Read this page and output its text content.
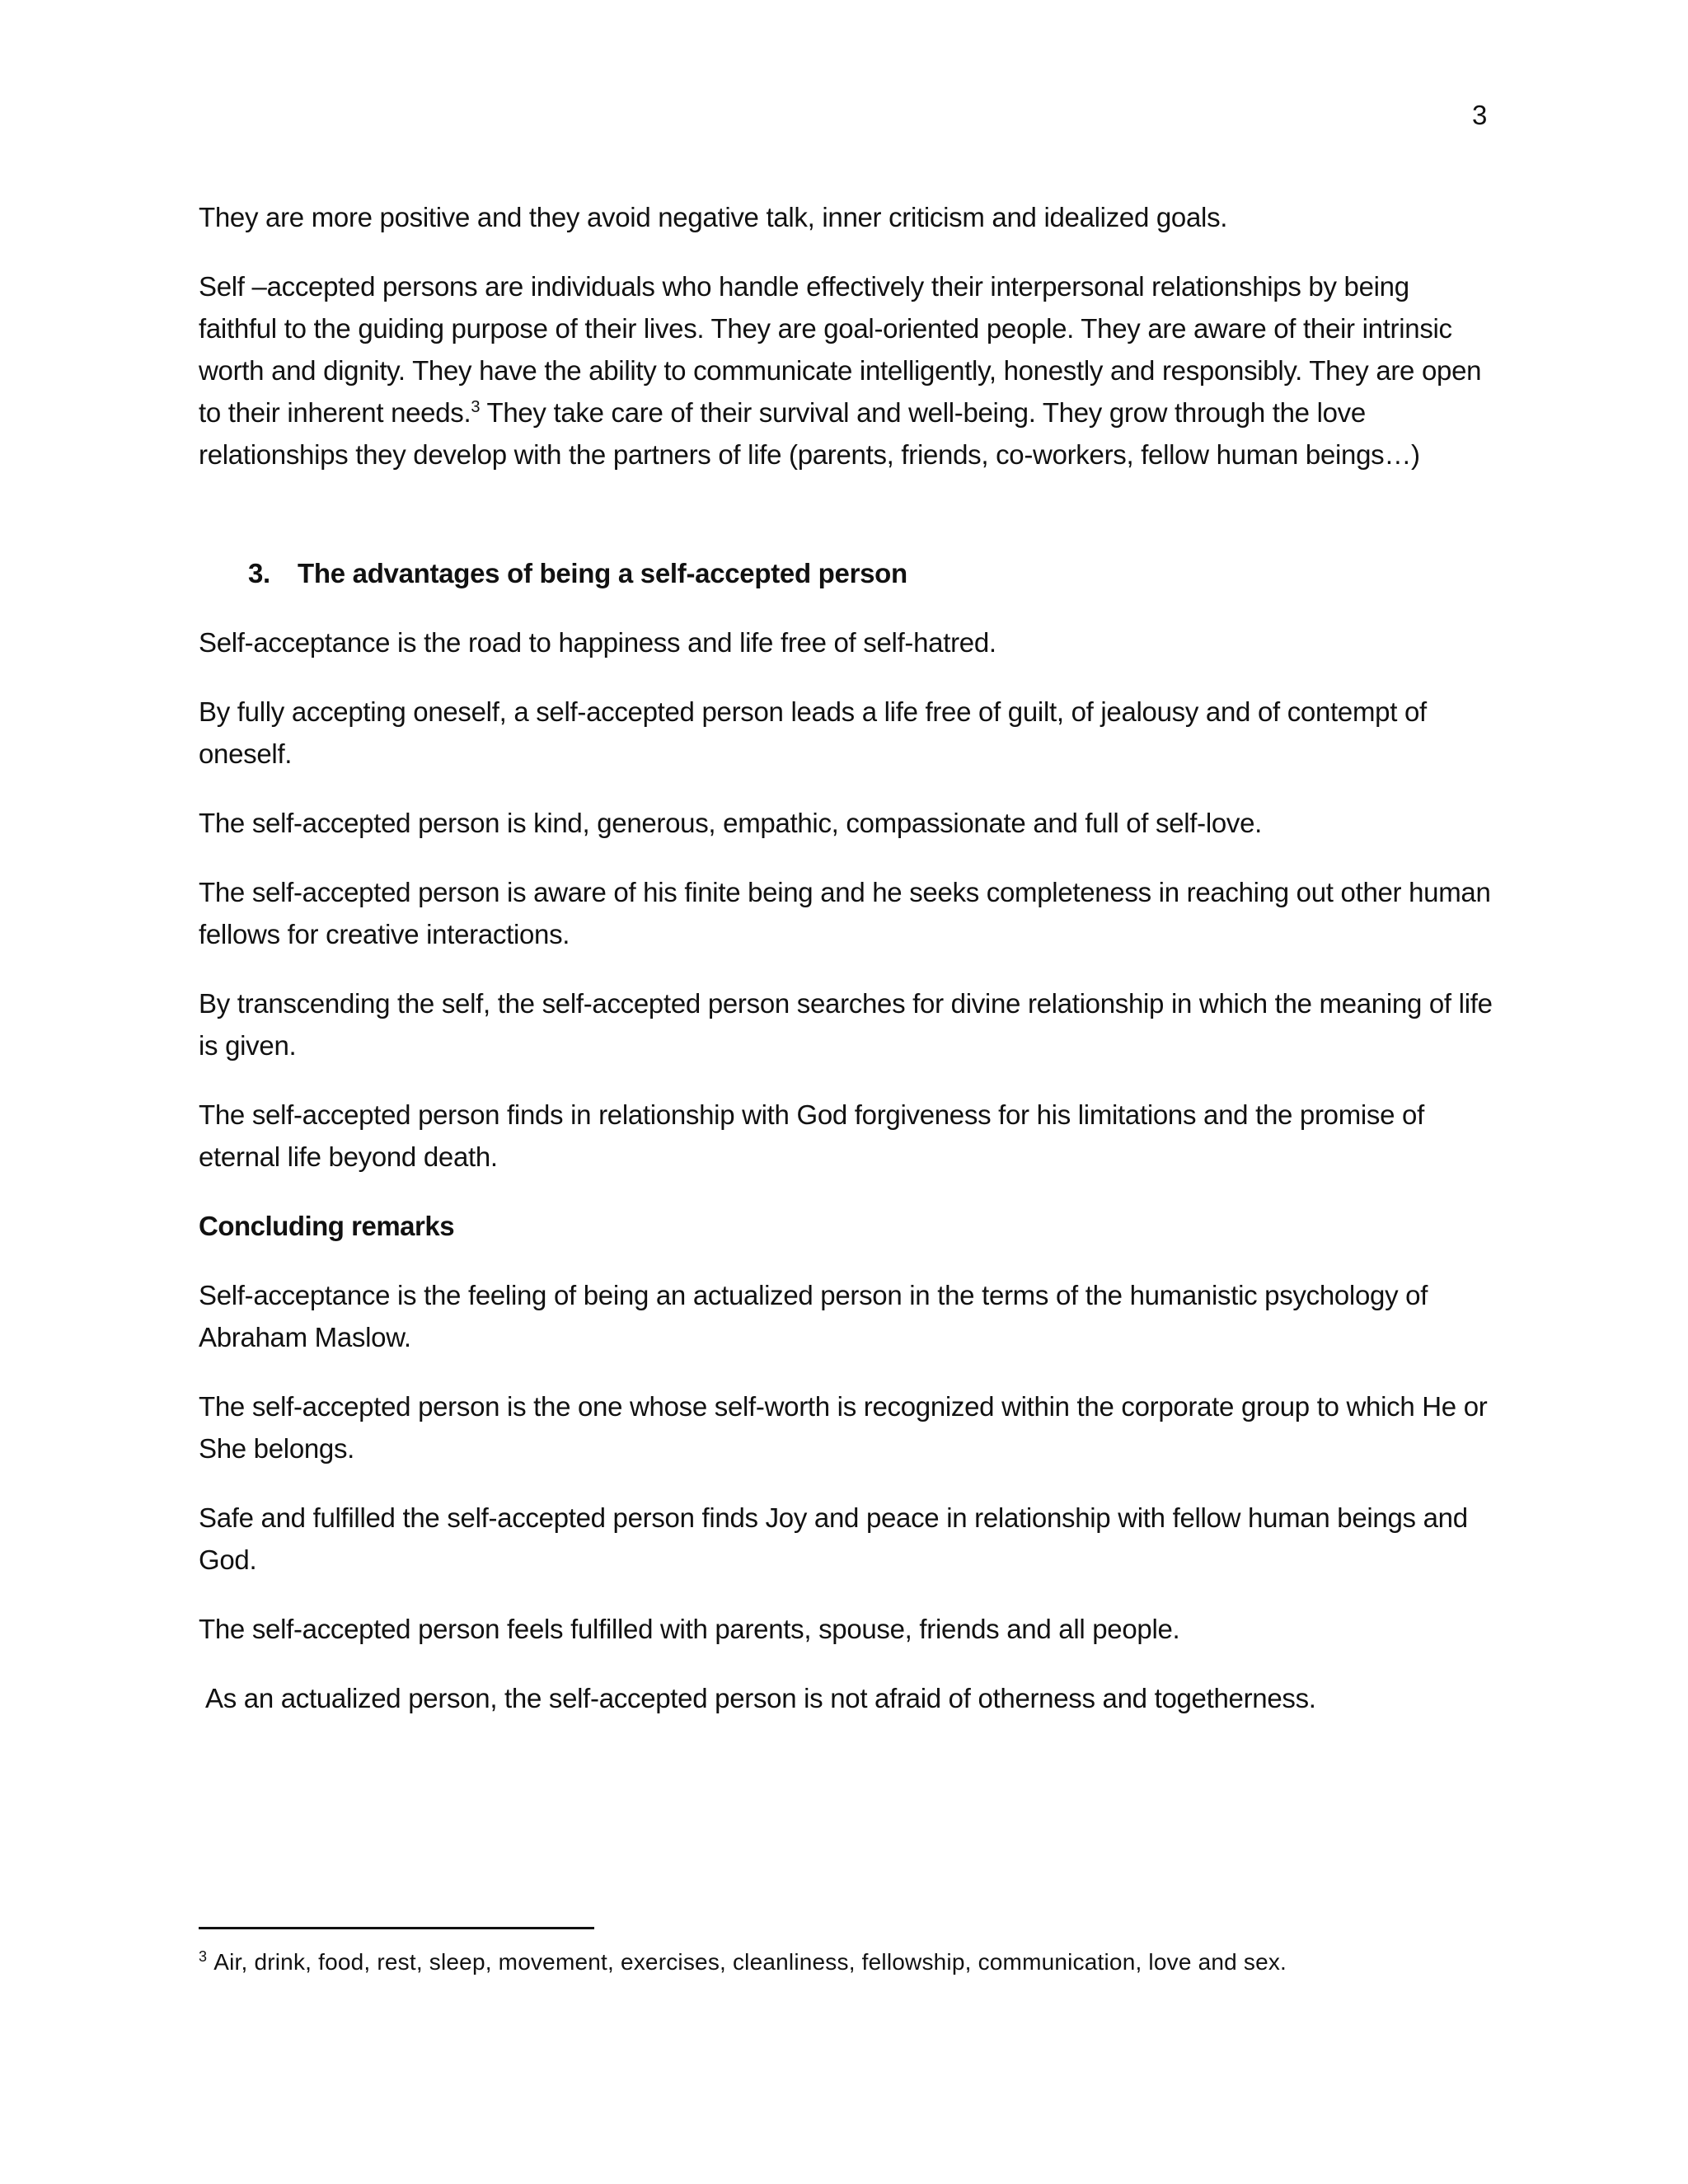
3

They are more positive and they avoid negative talk, inner criticism and idealized goals.

Self –accepted persons are individuals who handle effectively their interpersonal relationships by being faithful to the guiding purpose of their lives. They are goal-oriented people. They are aware of their intrinsic worth and dignity. They have the ability to communicate intelligently, honestly and responsibly. They are open to their inherent needs.$^3$ They take care of their survival and well-being. They grow through the love relationships they develop with the partners of life (parents, friends, co-workers, fellow human beings…)

3. The advantages of being a self-accepted person

Self-acceptance is the road to happiness and life free of self-hatred.

By fully accepting oneself, a self-accepted person leads a life free of guilt, of jealousy and of contempt of oneself.

The self-accepted person is kind, generous, empathic, compassionate and full of self-love.

The self-accepted person is aware of his finite being and he seeks completeness in reaching out other human fellows for creative interactions.

By transcending the self, the self-accepted person searches for divine relationship in which the meaning of life is given.

The self-accepted person finds in relationship with God forgiveness for his limitations and the promise of eternal life beyond death.

Concluding remarks

Self-acceptance is the feeling of being an actualized person in the terms of the humanistic psychology of Abraham Maslow.

The self-accepted person is the one whose self-worth is recognized within the corporate group to which He or She belongs.

Safe and fulfilled the self-accepted person finds Joy and peace in relationship with fellow human beings and God.

The self-accepted person feels fulfilled with parents, spouse, friends and all people.

As an actualized person, the self-accepted person is not afraid of otherness and togetherness.

$^3$ Air, drink, food, rest, sleep, movement, exercises, cleanliness, fellowship, communication, love and sex.
